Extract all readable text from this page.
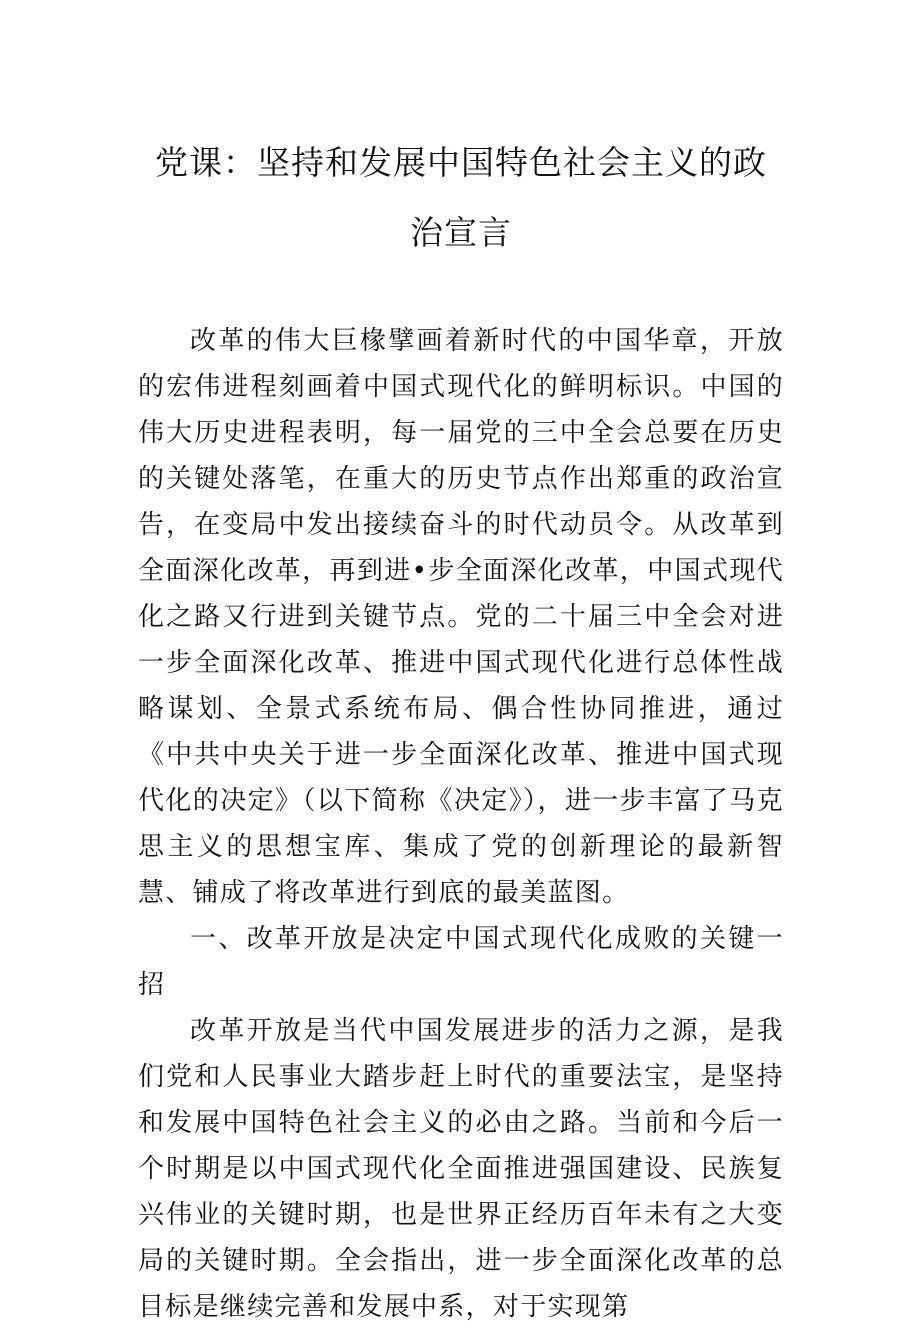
党课：坚持和发展中国特色社会主义的政
治宣言

改革的伟大巨椽擘画着新时代的中国华章，开放的宏伟进程刻画着中国式现代化的鲜明标识。中国的伟大历史进程表明，每一届党的三中全会总要在历史的关键处落笔，在重大的历史节点作出郑重的政治宣告，在变局中发出接续奋斗的时代动员令。从改革到全面深化改革，再到进•步全面深化改革，中国式现代化之路又行进到关键节点。党的二十届三中全会对进一步全面深化改革、推进中国式现代化进行总体性战略谋划、全景式系统布局、偶合性协同推进，通过《中共中央关于进一步全面深化改革、推进中国式现代化的决定》（以下简称《决定》），进一步丰富了马克思主义的思想宝库、集成了党的创新理论的最新智慧、铺成了将改革进行到底的最美蓝图。

一、改革开放是决定中国式现代化成败的关键一招

改革开放是当代中国发展进步的活力之源，是我们党和人民事业大踏步赶上时代的重要法宝，是坚持和发展中国特色社会主义的必由之路。当前和今后一个时期是以中国式现代化全面推进强国建设、民族复兴伟业的关键时期，也是世界正经历百年未有之大变局的关键时期。全会指出，进一步全面深化改革的总目标是继续完善和发展中系，对于实现第
